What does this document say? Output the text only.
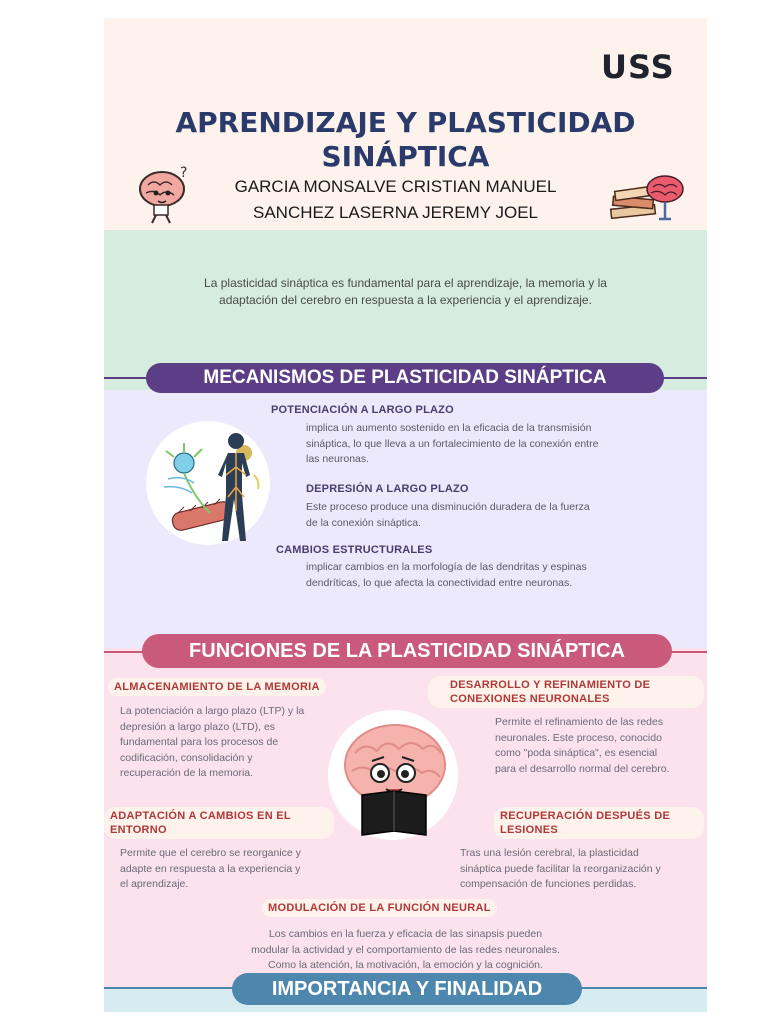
USS
APRENDIZAJE Y PLASTICIDAD
SINÁPTICA
GARCIA MONSALVE CRISTIAN MANUEL
SANCHEZ LASERNA JEREMY JOEL
?
La plasticidad sináptica es fundamental para el aprendizaje, la memoria y la
adaptación del cerebro en respuesta a la experiencia y el aprendizaje.
MECANISMOS DE PLASTICIDAD SINÁPTICA
POTENCIACIÓN A LARGO PLAZO
implica un aumento sostenido en la eficacia de la transmisión
sináptica, lo que lleva a un fortalecimiento de la conexión entre
las neuronas.
DEPRESIÓN A LARGO PLAZO
Este proceso produce una disminución duradera de la fuerza
de la conexión sináptica.
CAMBIOS ESTRUCTURALES
implicar cambios en la morfología de las dendritas y espinas
dendríticas, lo que afecta la conectividad entre neuronas.
FUNCIONES DE LA PLASTICIDAD SINÁPTICA
ALMACENAMIENTO DE LA MEMORIA
La potenciación a largo plazo (LTP) y la
depresión a largo plazo (LTD), es
fundamental para los procesos de
codificación, consolidación y
recuperación de la memoria.
DESARROLLO Y REFINAMIENTO DE
CONEXIONES NEURONALES
Permite el refinamiento de las redes
neuronales. Este proceso, conocido
como "poda sináptica", es esencial
para el desarrollo normal del cerebro.
ADAPTACIÓN A CAMBIOS EN EL
ENTORNO
Permite que el cerebro se reorganice y
adapte en respuesta a la experiencia y
el aprendizaje.
RECUPERACIÓN DESPUÉS DE
LESIONES
Tras una lesión cerebral, la plasticidad
sináptica puede facilitar la reorganización y
compensación de funciones perdidas.
MODULACIÓN DE LA FUNCIÓN NEURAL
Los cambios en la fuerza y eficacia de las sinapsis pueden
modular la actividad y el comportamiento de las redes neuronales.
Como la atención, la motivación, la emoción y la cognición.
IMPORTANCIA Y FINALIDAD
